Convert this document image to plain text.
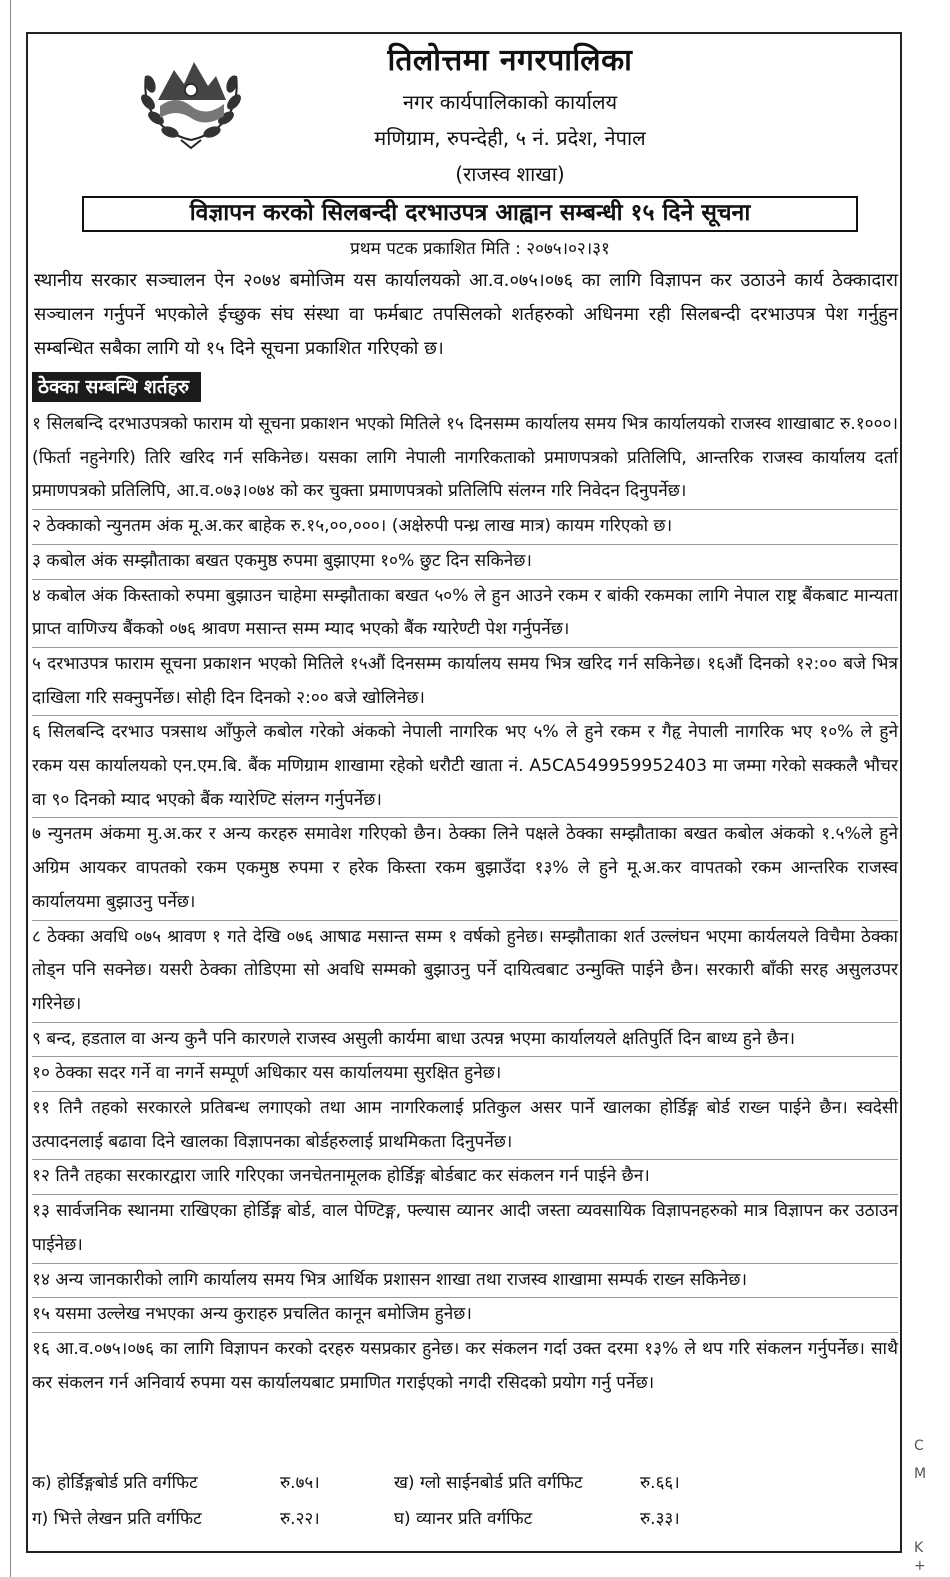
तिलोत्तमा नगरपालिका
नगर कार्यपालिकाको कार्यालय
मणिग्राम, रुपन्देही, ५ नं. प्रदेश, नेपाल
(राजस्व शाखा)
विज्ञापन करको सिलबन्दी दरभाउपत्र आह्वान सम्बन्धी १५ दिने सूचना
प्रथम पटक प्रकाशित मिति : २०७५।०२।३१
स्थानीय सरकार सञ्चालन ऐन २०७४ बमोजिम यस कार्यालयको आ.व.०७५।०७६ का लागि विज्ञापन कर उठाउने कार्य ठेक्कादारा सञ्चालन गर्नुपर्ने भएकोले ईच्छुक संघ संस्था वा फर्मबाट तपसिलको शर्तहरुको अधिनमा रही सिलबन्दी दरभाउपत्र पेश गर्नुहुन सम्बन्धित सबैका लागि यो १५ दिने सूचना प्रकाशित गरिएको छ।
ठेक्का सम्बन्धि शर्तहरु
१ सिलबन्दि दरभाउपत्रको फाराम यो सूचना प्रकाशन भएको मितिले १५ दिनसम्म कार्यालय समय भित्र कार्यालयको राजस्व शाखाबाट रु.१०००। (फिर्ता नहुनेगरि) तिरि खरिद गर्न सकिनेछ। यसका लागि नेपाली नागरिकताको प्रमाणपत्रको प्रतिलिपि, आन्तरिक राजस्व कार्यालय दर्ता प्रमाणपत्रको प्रतिलिपि, आ.व.०७३।०७४ को कर चुक्ता प्रमाणपत्रको प्रतिलिपि संलग्न गरि निवेदन दिनुपर्नेछ।
२ ठेक्काको न्युनतम अंक मू.अ.कर बाहेक रु.१५,००,०००। (अक्षेरुपी पन्ध्र लाख मात्र) कायम गरिएको छ।
३ कबोल अंक सम्झौताका बखत एकमुष्ठ रुपमा बुझाएमा १०% छुट दिन सकिनेछ।
४ कबोल अंक किस्ताको रुपमा बुझाउन चाहेमा सम्झौताका बखत ५०% ले हुन आउने रकम र बांकी रकमका लागि नेपाल राष्ट्र बैंकबाट मान्यता प्राप्त वाणिज्य बैंकको ०७६ श्रावण मसान्त सम्म म्याद भएको बैंक ग्यारेण्टी पेश गर्नुपर्नेछ।
५ दरभाउपत्र फाराम सूचना प्रकाशन भएको मितिले १५औं दिनसम्म कार्यालय समय भित्र खरिद गर्न सकिनेछ। १६औं दिनको १२:०० बजे भित्र दाखिला गरि सक्नुपर्नेछ। सोही दिन दिनको २:०० बजे खोलिनेछ।
६ सिलबन्दि दरभाउ पत्रसाथ आँफुले कबोल गरेको अंकको नेपाली नागरिक भए ५% ले हुने रकम र गैहृ नेपाली नागरिक भए १०% ले हुने रकम यस कार्यालयको एन.एम.बि. बैंक मणिग्राम शाखामा रहेको धरौटी खाता नं. A5CA549959952403 मा जम्मा गरेको सक्कलै भौचर वा ९० दिनको म्याद भएको बैंक ग्यारेण्टि संलग्न गर्नुपर्नेछ।
७ न्युनतम अंकमा मु.अ.कर र अन्य करहरु समावेश गरिएको छैन। ठेक्का लिने पक्षले ठेक्का सम्झौताका बखत कबोल अंकको १.५%ले हुने अग्रिम आयकर वापतको रकम एकमुष्ठ रुपमा र हरेक किस्ता रकम बुझाउँदा १३% ले हुने मू.अ.कर वापतको रकम आन्तरिक राजस्व कार्यालयमा बुझाउनु पर्नेछ।
८ ठेक्का अवधि ०७५ श्रावण १ गते देखि ०७६ आषाढ मसान्त सम्म १ वर्षको हुनेछ। सम्झौताका शर्त उल्लंघन भएमा कार्यलयले विचैमा ठेक्का तोड्न पनि सक्नेछ। यसरी ठेक्का तोडिएमा सो अवधि सम्मको बुझाउनु पर्ने दायित्वबाट उन्मुक्ति पाईने छैन। सरकारी बाँकी सरह असुलउपर गरिनेछ।
९ बन्द, हडताल वा अन्य कुनै पनि कारणले राजस्व असुली कार्यमा बाधा उत्पन्न भएमा कार्यालयले क्षतिपुर्ति दिन बाध्य हुने छैन।
१० ठेक्का सदर गर्ने वा नगर्ने सम्पूर्ण अधिकार यस कार्यालयमा सुरक्षित हुनेछ।
११ तिनै तहको सरकारले प्रतिबन्ध लगाएको तथा आम नागरिकलाई प्रतिकुल असर पार्ने खालका होर्डिङ्ग बोर्ड राख्न पाईने छैन। स्वदेसी उत्पादनलाई बढावा दिने खालका विज्ञापनका बोर्डहरुलाई प्राथमिकता दिनुपर्नेछ।
१२ तिनै तहका सरकारद्वारा जारि गरिएका जनचेतनामूलक होर्डिङ्ग बोर्डबाट कर संकलन गर्न पाईने छैन।
१३ सार्वजनिक स्थानमा राखिएका होर्डिङ्ग बोर्ड, वाल पेण्टिङ्ग, फ्ल्यास व्यानर आदी जस्ता व्यवसायिक विज्ञापनहरुको मात्र विज्ञापन कर उठाउन पाईनेछ।
१४ अन्य जानकारीको लागि कार्यालय समय भित्र आर्थिक प्रशासन शाखा तथा राजस्व शाखामा सम्पर्क राख्न सकिनेछ।
१५ यसमा उल्लेख नभएका अन्य कुराहरु प्रचलित कानून बमोजिम हुनेछ।
१६ आ.व.०७५।०७६ का लागि विज्ञापन करको दरहरु यसप्रकार हुनेछ। कर संकलन गर्दा उक्त दरमा १३% ले थप गरि संकलन गर्नुपर्नेछ। साथै कर संकलन गर्न अनिवार्य रुपमा यस कार्यालयबाट प्रमाणित गराईएको नगदी रसिदको प्रयोग गर्नु पर्नेछ।
क) होर्डिङ्गबोर्ड प्रति वर्गफिट	रु.७५।	ख) ग्लो साईनबोर्ड प्रति वर्गफिट	रु.६६।
ग) भित्ते लेखन प्रति वर्गफिट	रु.२२।	घ) व्यानर प्रति वर्गफिट	रु.३३।
C
M
K
+
